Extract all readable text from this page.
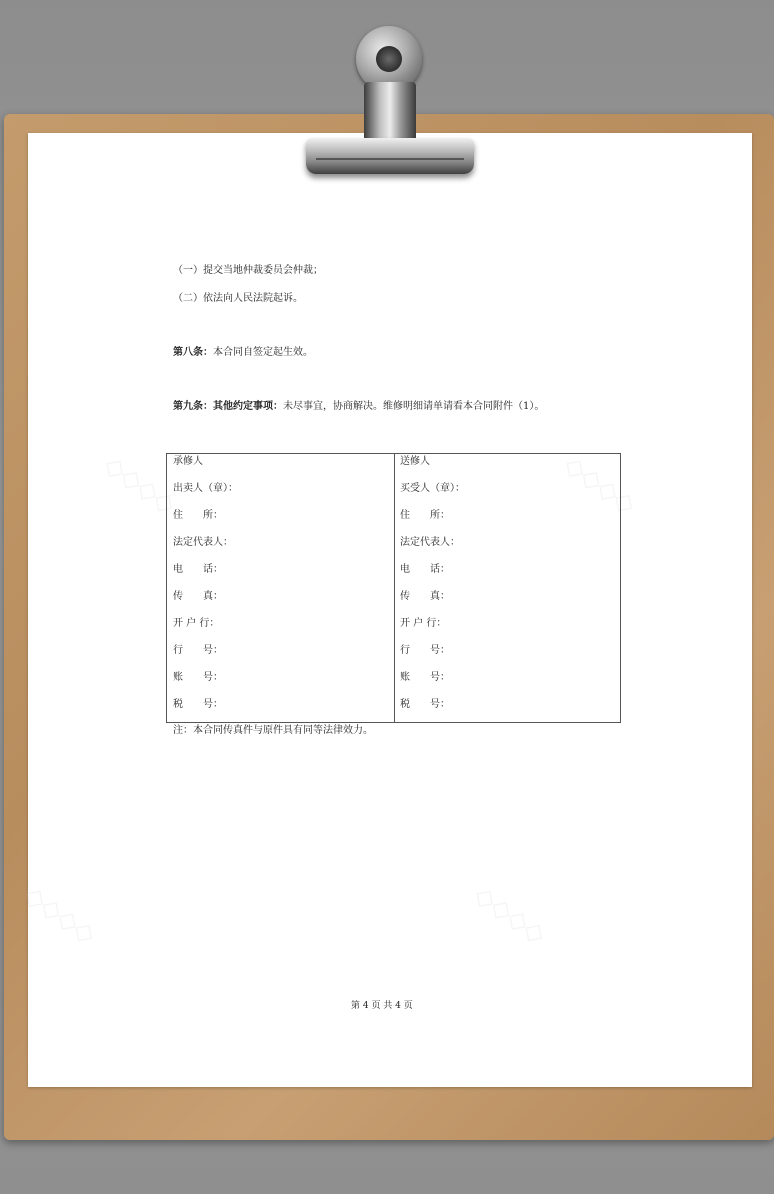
（一）提交当地仲裁委员会仲裁；
（二）依法向人民法院起诉。
第八条：本合同自签定起生效。
第九条：其他约定事项：未尽事宜，协商解决。维修明细请单请看本合同附件（1）。
承修人
出卖人（章）：
住　　所：
法定代表人：
电　　话：
传　　真：
开 户 行：
行　　号：
账　　号：
税　　号：
送修人
买受人（章）：
住　　所：
法定代表人：
电　　话：
传　　真：
开 户 行：
行　　号：
账　　号：
税　　号：
注：本合同传真件与原件具有同等法律效力。
第 4 页 共 4 页
